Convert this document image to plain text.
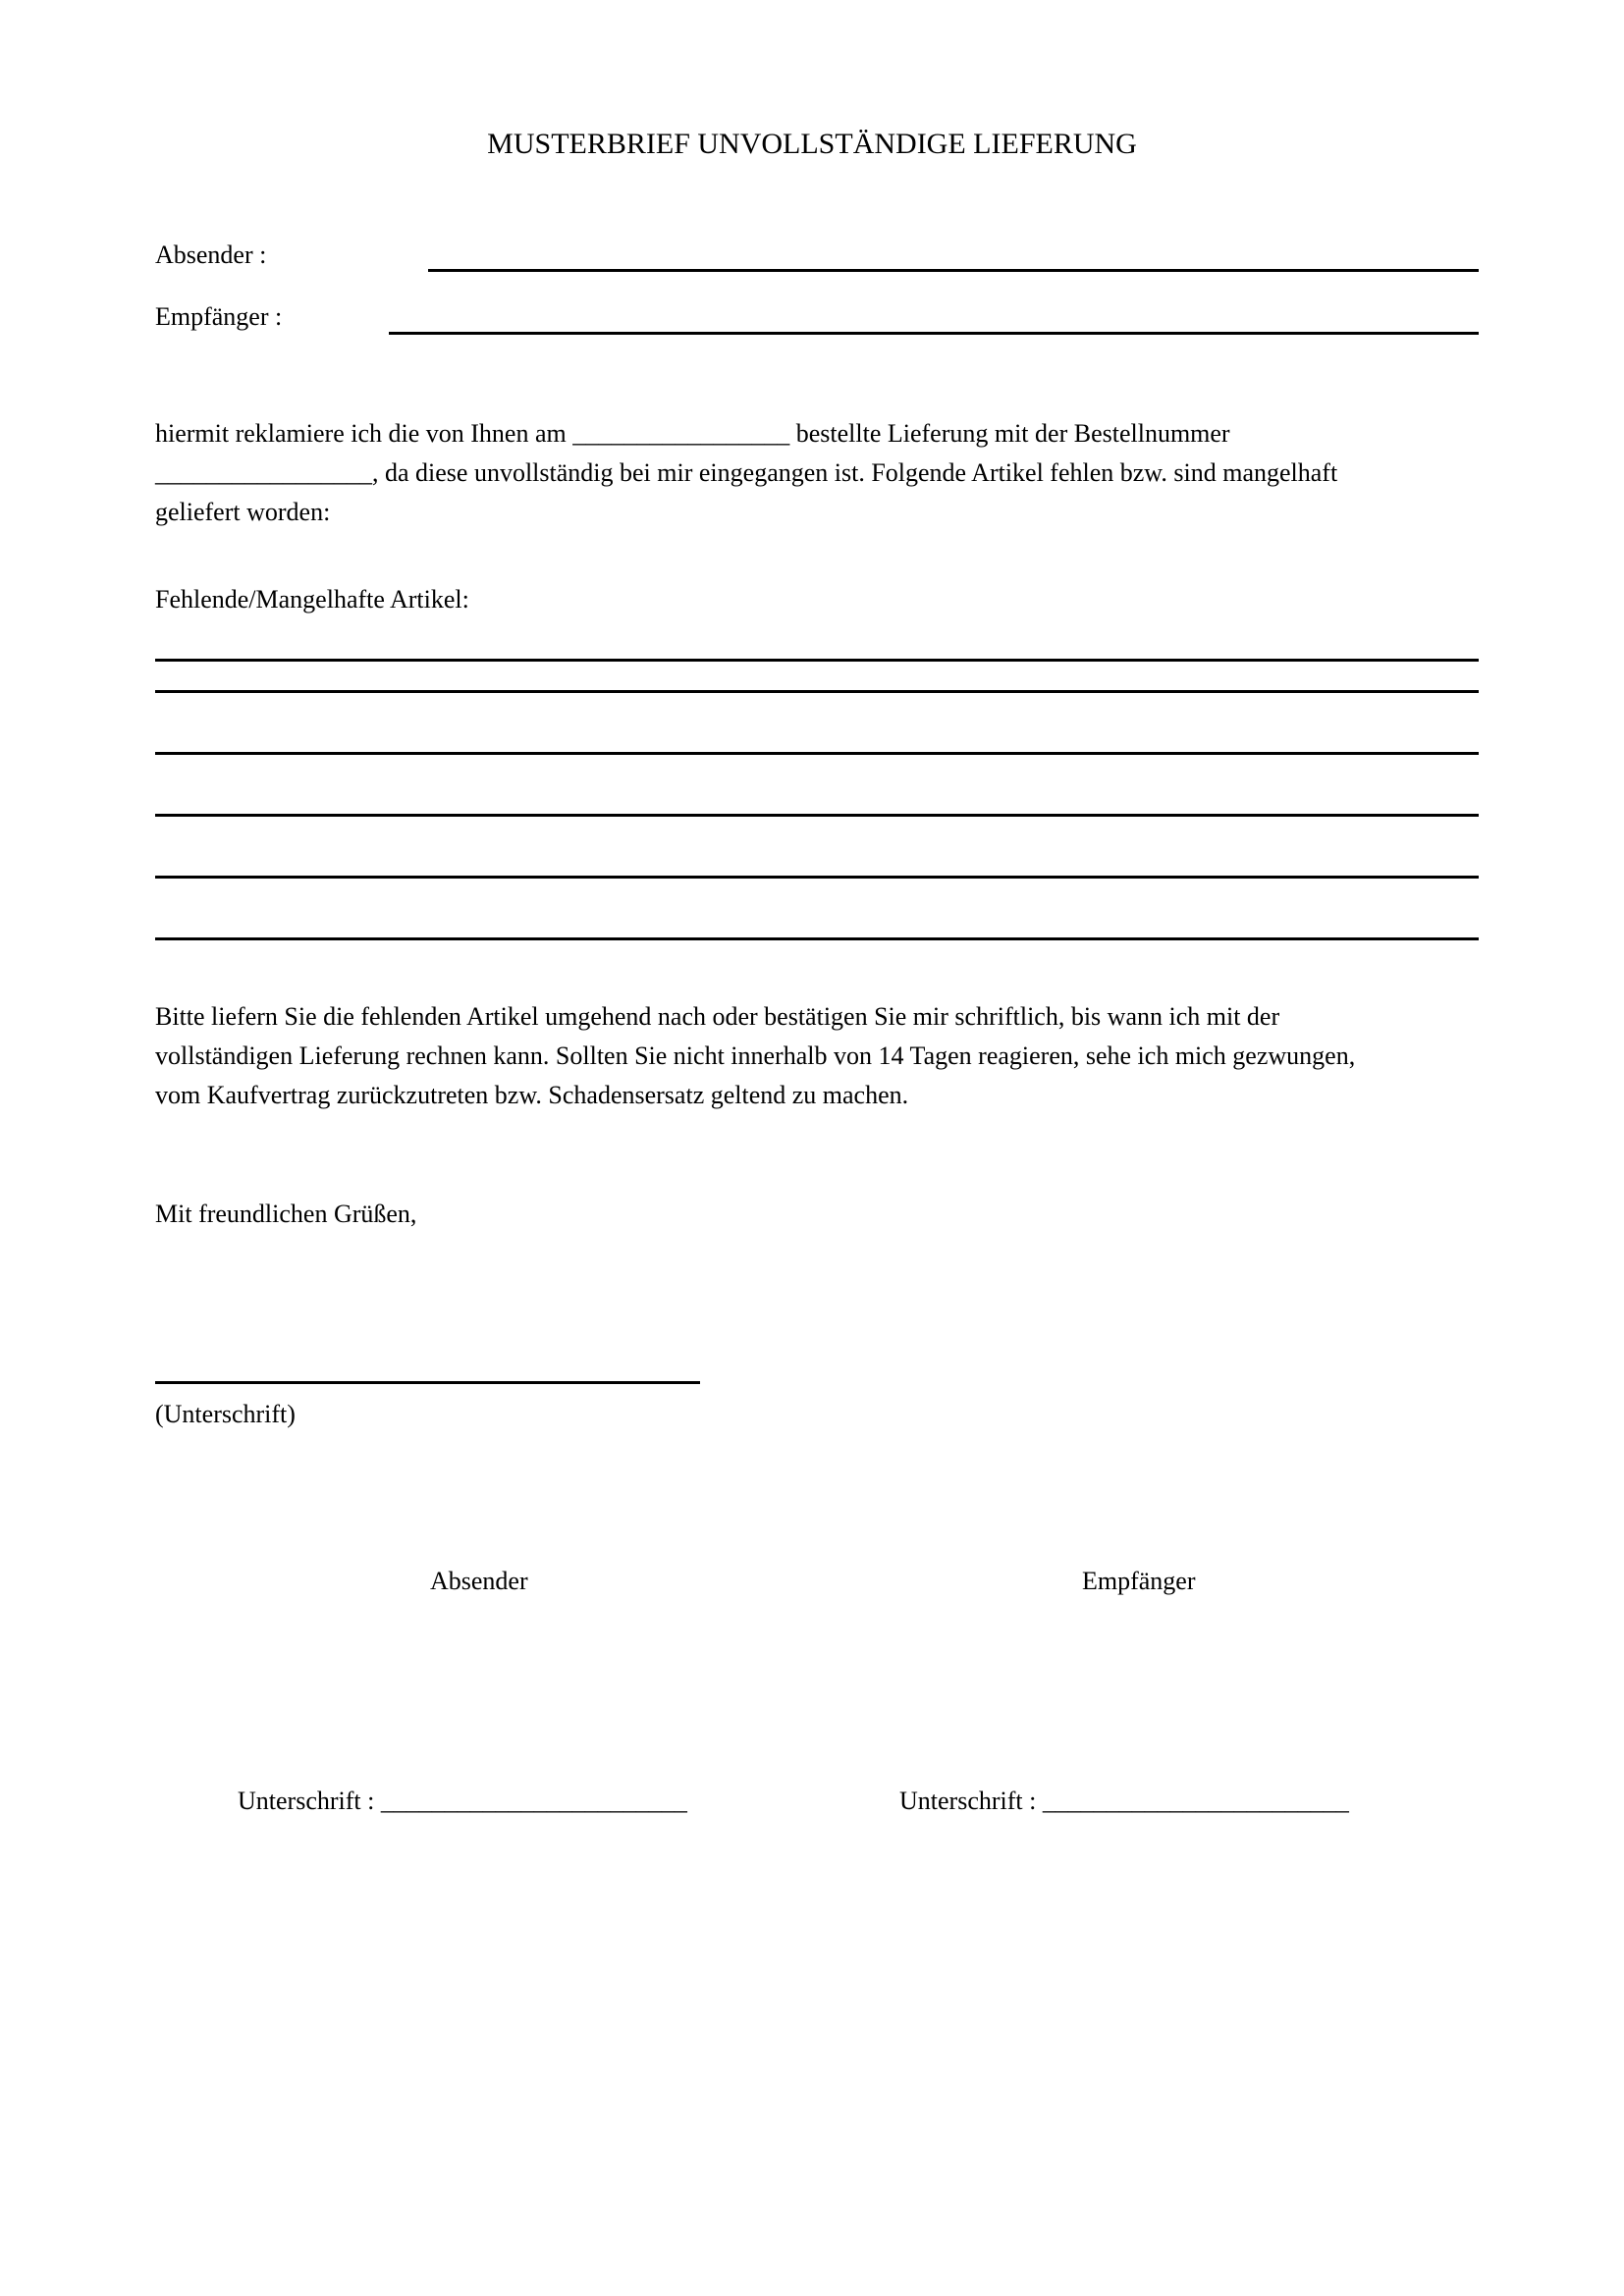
MUSTERBRIEF UNVOLLSTÄNDIGE LIEFERUNG
Absender :
Empfänger :
hiermit reklamiere ich die von Ihnen am _________________ bestellte Lieferung mit der Bestellnummer
_________________, da diese unvollständig bei mir eingegangen ist. Folgende Artikel fehlen bzw. sind mangelhaft
geliefert worden:
Fehlende/Mangelhafte Artikel:
Bitte liefern Sie die fehlenden Artikel umgehend nach oder bestätigen Sie mir schriftlich, bis wann ich mit der
vollständigen Lieferung rechnen kann. Sollten Sie nicht innerhalb von 14 Tagen reagieren, sehe ich mich gezwungen,
vom Kaufvertrag zurückzutreten bzw. Schadensersatz geltend zu machen.
Mit freundlichen Grüßen,
(Unterschrift)
Absender	Empfänger
Unterschrift : ________________________	Unterschrift : ________________________
